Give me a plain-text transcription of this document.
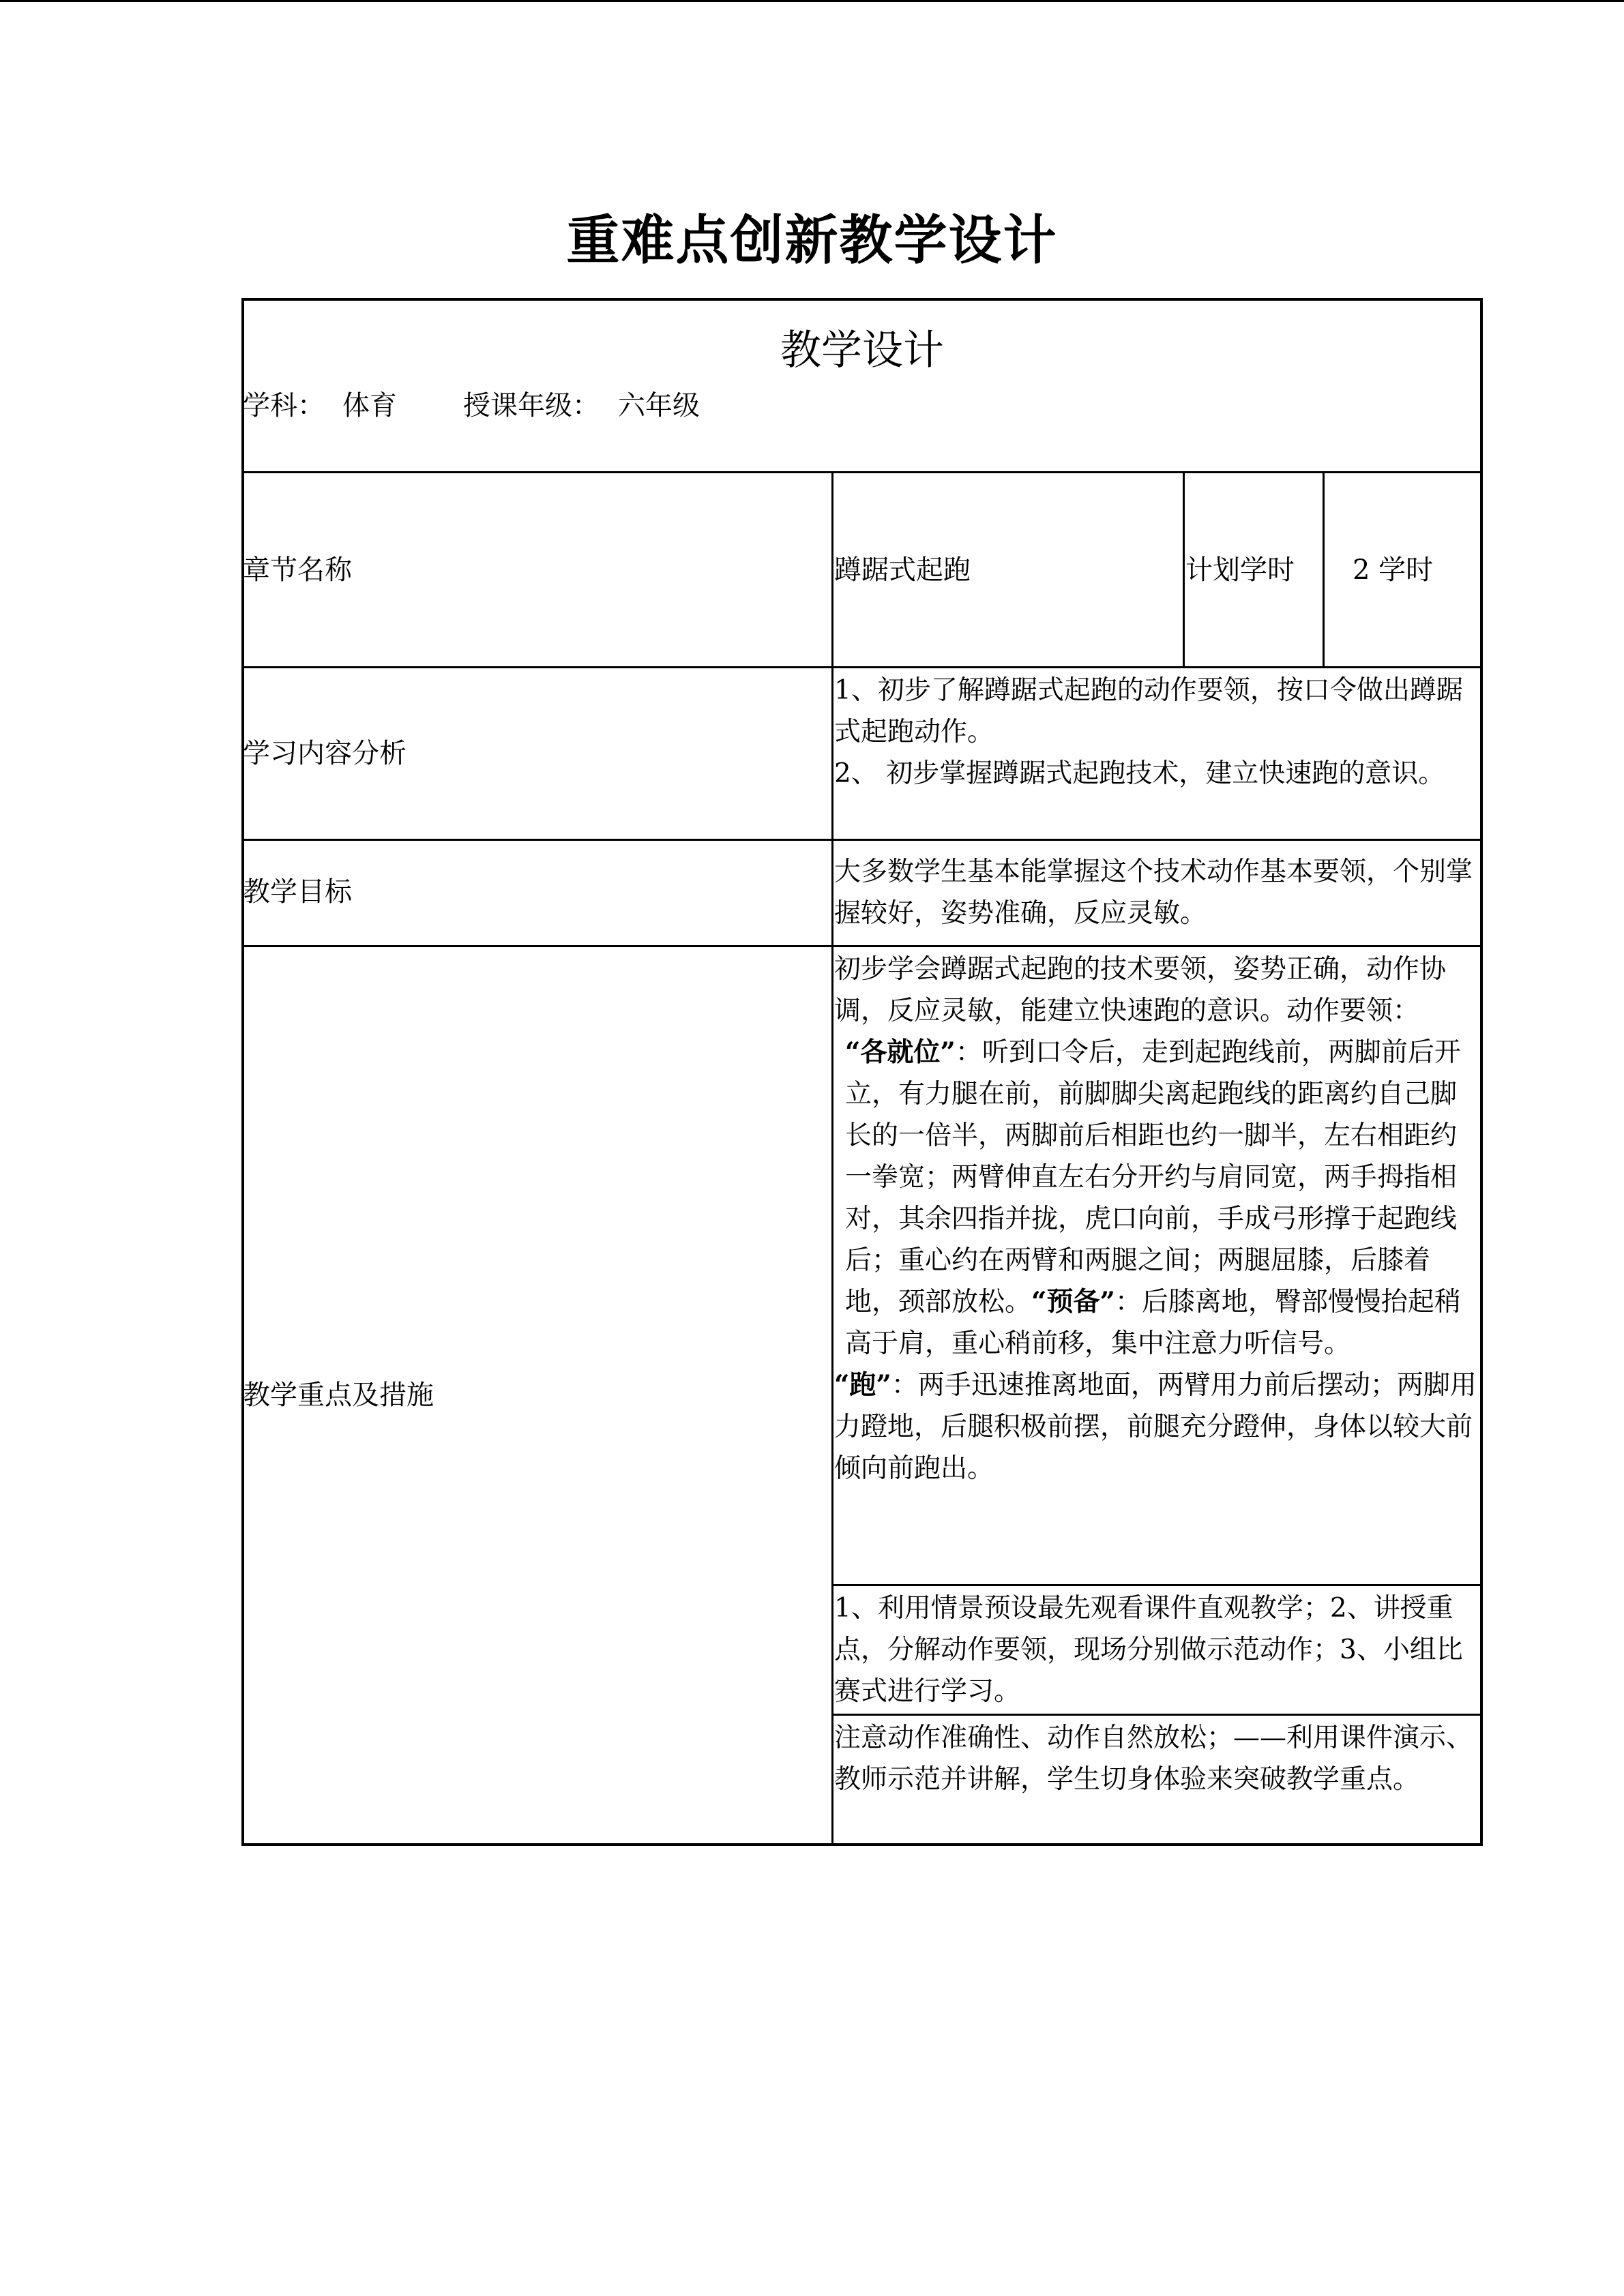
重难点创新教学设计
教学设计
学科： 体育 授课年级： 六年级
章节名称	蹲踞式起跑	计划学时 2 学时
学习内容分析
1、初步了解蹲踞式起跑的动作要领，按口令做出蹲踞式起跑动作。
2、 初步掌握蹲踞式起跑技术，建立快速跑的意识。
教学目标
大多数学生基本能掌握这个技术动作基本要领，个别掌握较好，姿势准确，反应灵敏。
教学重点及措施
初步学会蹲踞式起跑的技术要领，姿势正确，动作协调，反应灵敏，能建立快速跑的意识。动作要领：
“各就位”：听到口令后，走到起跑线前，两脚前后开立，有力腿在前，前脚脚尖离起跑线的距离约自己脚长的一倍半，两脚前后相距也约一脚半，左右相距约一拳宽；两臂伸直左右分开约与肩同宽，两手拇指相对，其余四指并拢，虎口向前，手成弓形撑于起跑线后；重心约在两臂和两腿之间；两腿屈膝，后膝着地，颈部放松。“预备”：后膝离地，臀部慢慢抬起稍高于肩，重心稍前移，集中注意力听信号。
“跑”：两手迅速推离地面，两臂用力前后摆动；两脚用力蹬地，后腿积极前摆，前腿充分蹬伸，身体以较大前倾向前跑出。
1、利用情景预设最先观看课件直观教学；2、讲授重点，分解动作要领，现场分别做示范动作；3、小组比赛式进行学习。
注意动作准确性、动作自然放松；——利用课件演示、教师示范并讲解，学生切身体验来突破教学重点。
